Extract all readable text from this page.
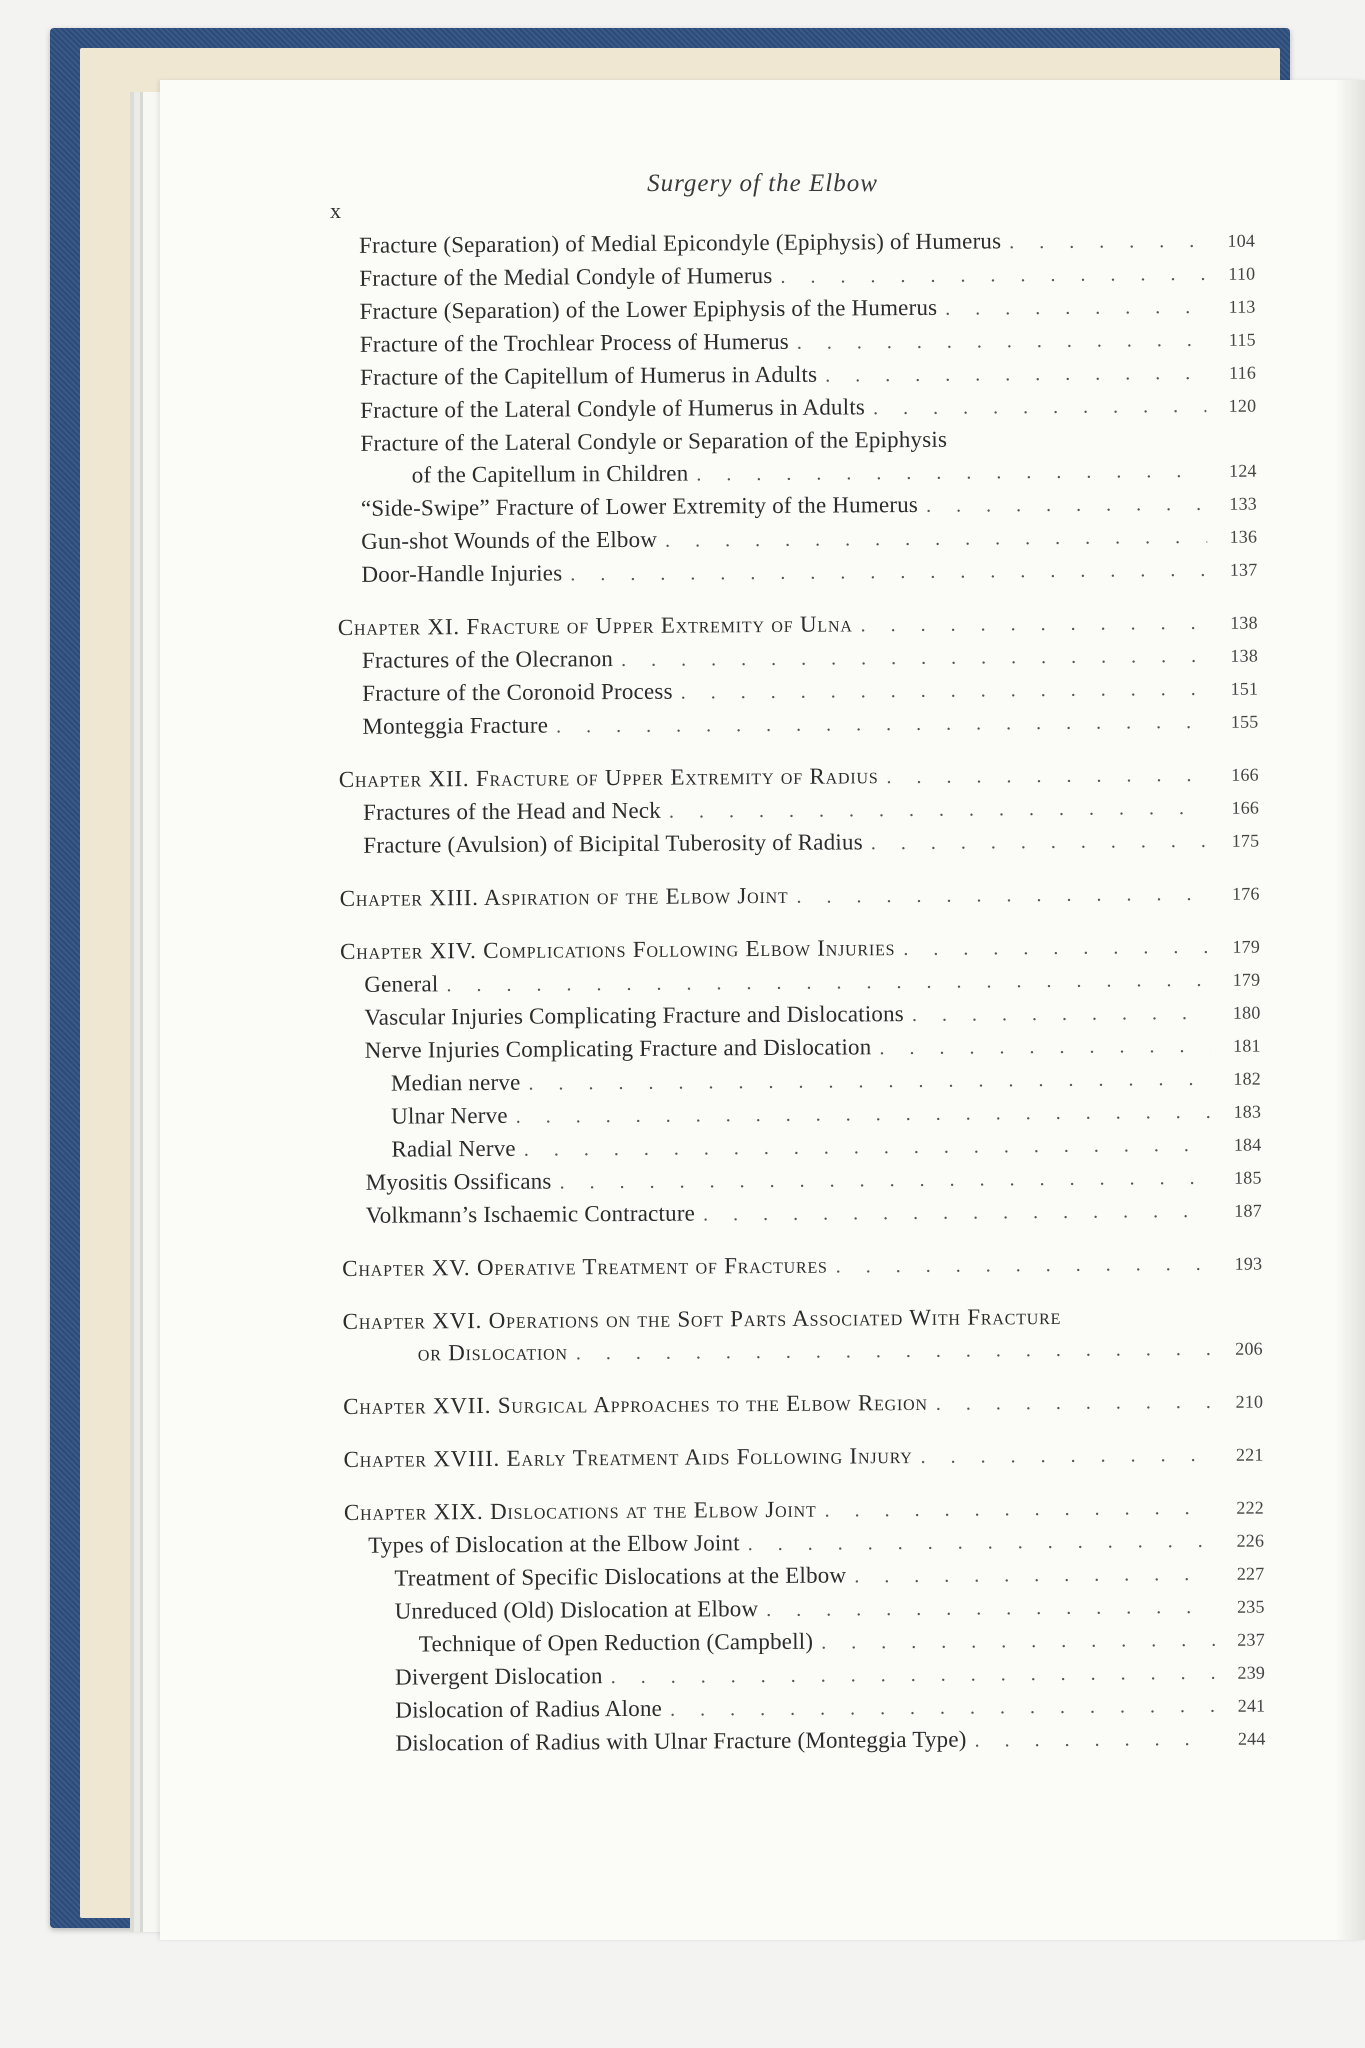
Surgery of the Elbow
x
Fracture (Separation) of Medial Epicondyle (Epiphysis) of Humerus . . .	104
Fracture of the Medial Condyle of Humerus . . .	110
Fracture (Separation) of the Lower Epiphysis of the Humerus . . .	113
Fracture of the Trochlear Process of Humerus . . .	115
Fracture of the Capitellum of Humerus in Adults . . .	116
Fracture of the Lateral Condyle of Humerus in Adults . . .	120
Fracture of the Lateral Condyle or Separation of the Epiphysis
of the Capitellum in Children . . .	124
“Side-Swipe” Fracture of Lower Extremity of the Humerus . . .	133
Gun-shot Wounds of the Elbow . . .	136
Door-Handle Injuries . . .	137
Chapter XI. Fracture of Upper Extremity of Ulna . . .	138
Fractures of the Olecranon . . .	138
Fracture of the Coronoid Process . . .	151
Monteggia Fracture . . .	155
Chapter XII. Fracture of Upper Extremity of Radius . . .	166
Fractures of the Head and Neck . . .	166
Fracture (Avulsion) of Bicipital Tuberosity of Radius . . .	175
Chapter XIII. Aspiration of the Elbow Joint . . .	176
Chapter XIV. Complications Following Elbow Injuries . . .	179
General . . .	179
Vascular Injuries Complicating Fracture and Dislocations . . .	180
Nerve Injuries Complicating Fracture and Dislocation . . .	181
Median nerve . . .	182
Ulnar Nerve . . .	183
Radial Nerve . . .	184
Myositis Ossificans . . .	185
Volkmann’s Ischaemic Contracture . . .	187
Chapter XV. Operative Treatment of Fractures . . .	193
Chapter XVI. Operations on the Soft Parts Associated With Fracture
or Dislocation . . .	206
Chapter XVII. Surgical Approaches to the Elbow Region . . .	210
Chapter XVIII. Early Treatment Aids Following Injury . . .	221
Chapter XIX. Dislocations at the Elbow Joint . . .	222
Types of Dislocation at the Elbow Joint . . .	226
Treatment of Specific Dislocations at the Elbow . . .	227
Unreduced (Old) Dislocation at Elbow . . .	235
Technique of Open Reduction (Campbell) . . .	237
Divergent Dislocation . . .	239
Dislocation of Radius Alone . . .	241
Dislocation of Radius with Ulnar Fracture (Monteggia Type) . . .	244
